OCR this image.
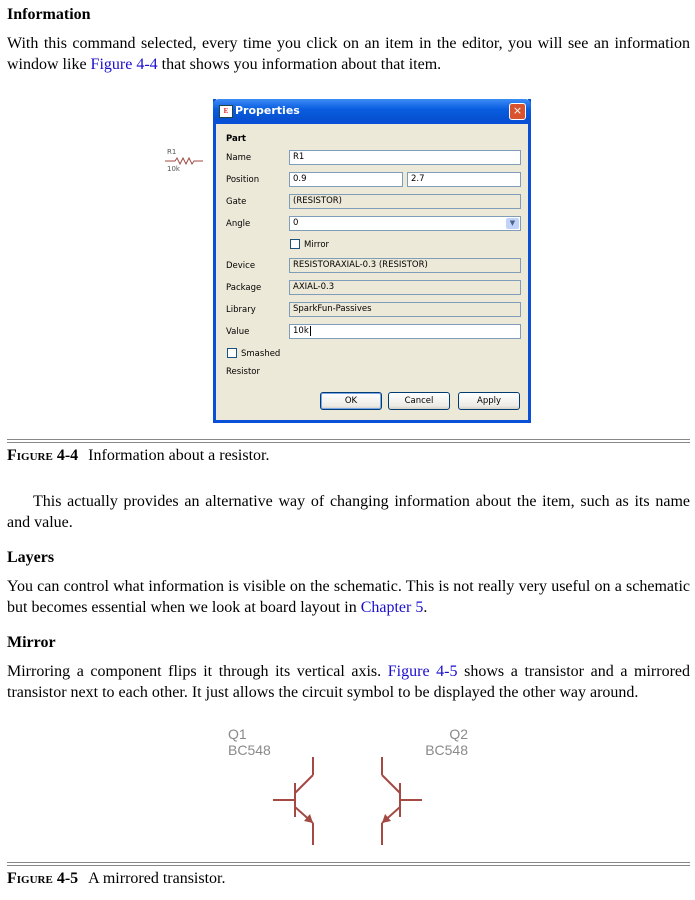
Information
With this command selected, every time you click on an item in the editor, you will see an information window like Figure 4-4 that shows you information about that item.
R1
10k
Part
Name	R1
Position	0.9	2.7
Gate	(RESISTOR)
Angle	0	▼
Mirror
Device	RESISTORAXIAL-0.3 (RESISTOR)
Package	AXIAL-0.3
Library	SparkFun-Passives
Value	10k
Smashed
Resistor
OK	Cancel	Apply
E Properties	×
Figure 4-4 Information about a resistor.
This actually provides an alternative way of changing information about the item, such as its name and value.
Layers
You can control what information is visible on the schematic. This is not really very useful on a schematic but becomes essential when we look at board layout in Chapter 5.
Mirror
Mirroring a component flips it through its vertical axis. Figure 4-5 shows a transistor and a mirrored transistor next to each other. It just allows the circuit symbol to be displayed the other way around.
Q1
BC548
Q2
BC548
Figure 4-5 A mirrored transistor.
